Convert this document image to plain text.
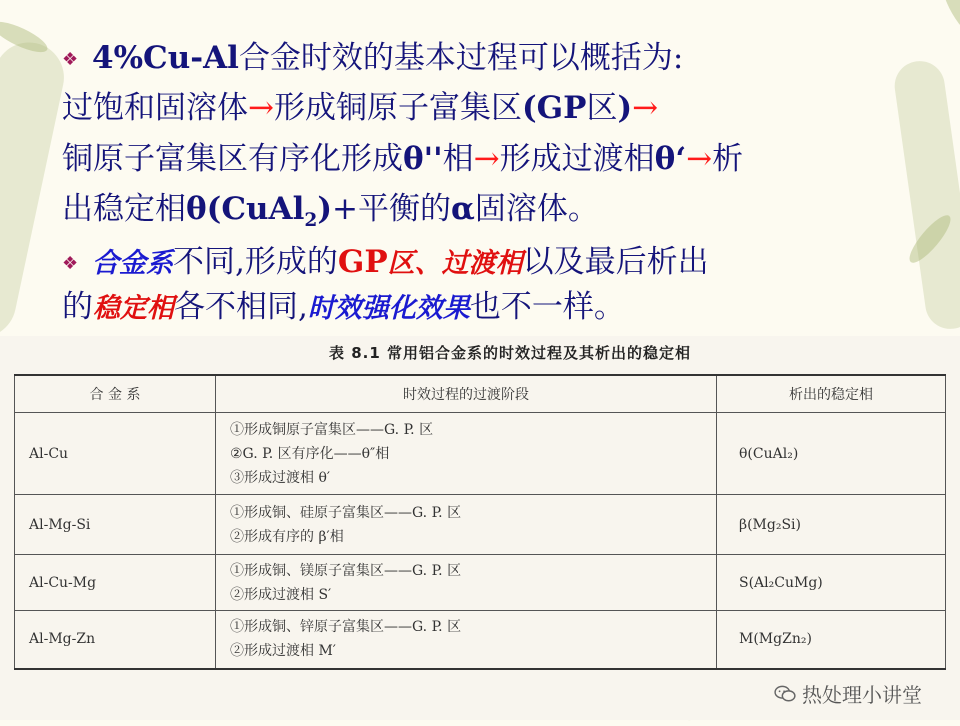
❖ 4%Cu-Al合金时效的基本过程可以概括为:
过饱和固溶体→形成铜原子富集区(GP区)→
铜原子富集区有序化形成θ''相→形成过渡相θ‘→析
出稳定相θ(CuAl$_2$)+平衡的α固溶体。
❖ 合金系不同,形成的GP区、过渡相以及最后析出
的稳定相各不相同,时效强化效果也不一样。
表 8.1 常用铝合金系的时效过程及其析出的稳定相
合 金 系	时效过程的过渡阶段	析出的稳定相
Al-Cu	①形成铜原子富集区——G. P. 区
②G. P. 区有序化——θ″相
③形成过渡相 θ′	θ(CuAl₂)
Al-Mg-Si	①形成铜、硅原子富集区——G. P. 区
②形成有序的 β′相	β(Mg₂Si)
Al-Cu-Mg	①形成铜、镁原子富集区——G. P. 区
②形成过渡相 S′	S(Al₂CuMg)
Al-Mg-Zn	①形成铜、锌原子富集区——G. P. 区
②形成过渡相 M′	M(MgZn₂)
热处理小讲堂
